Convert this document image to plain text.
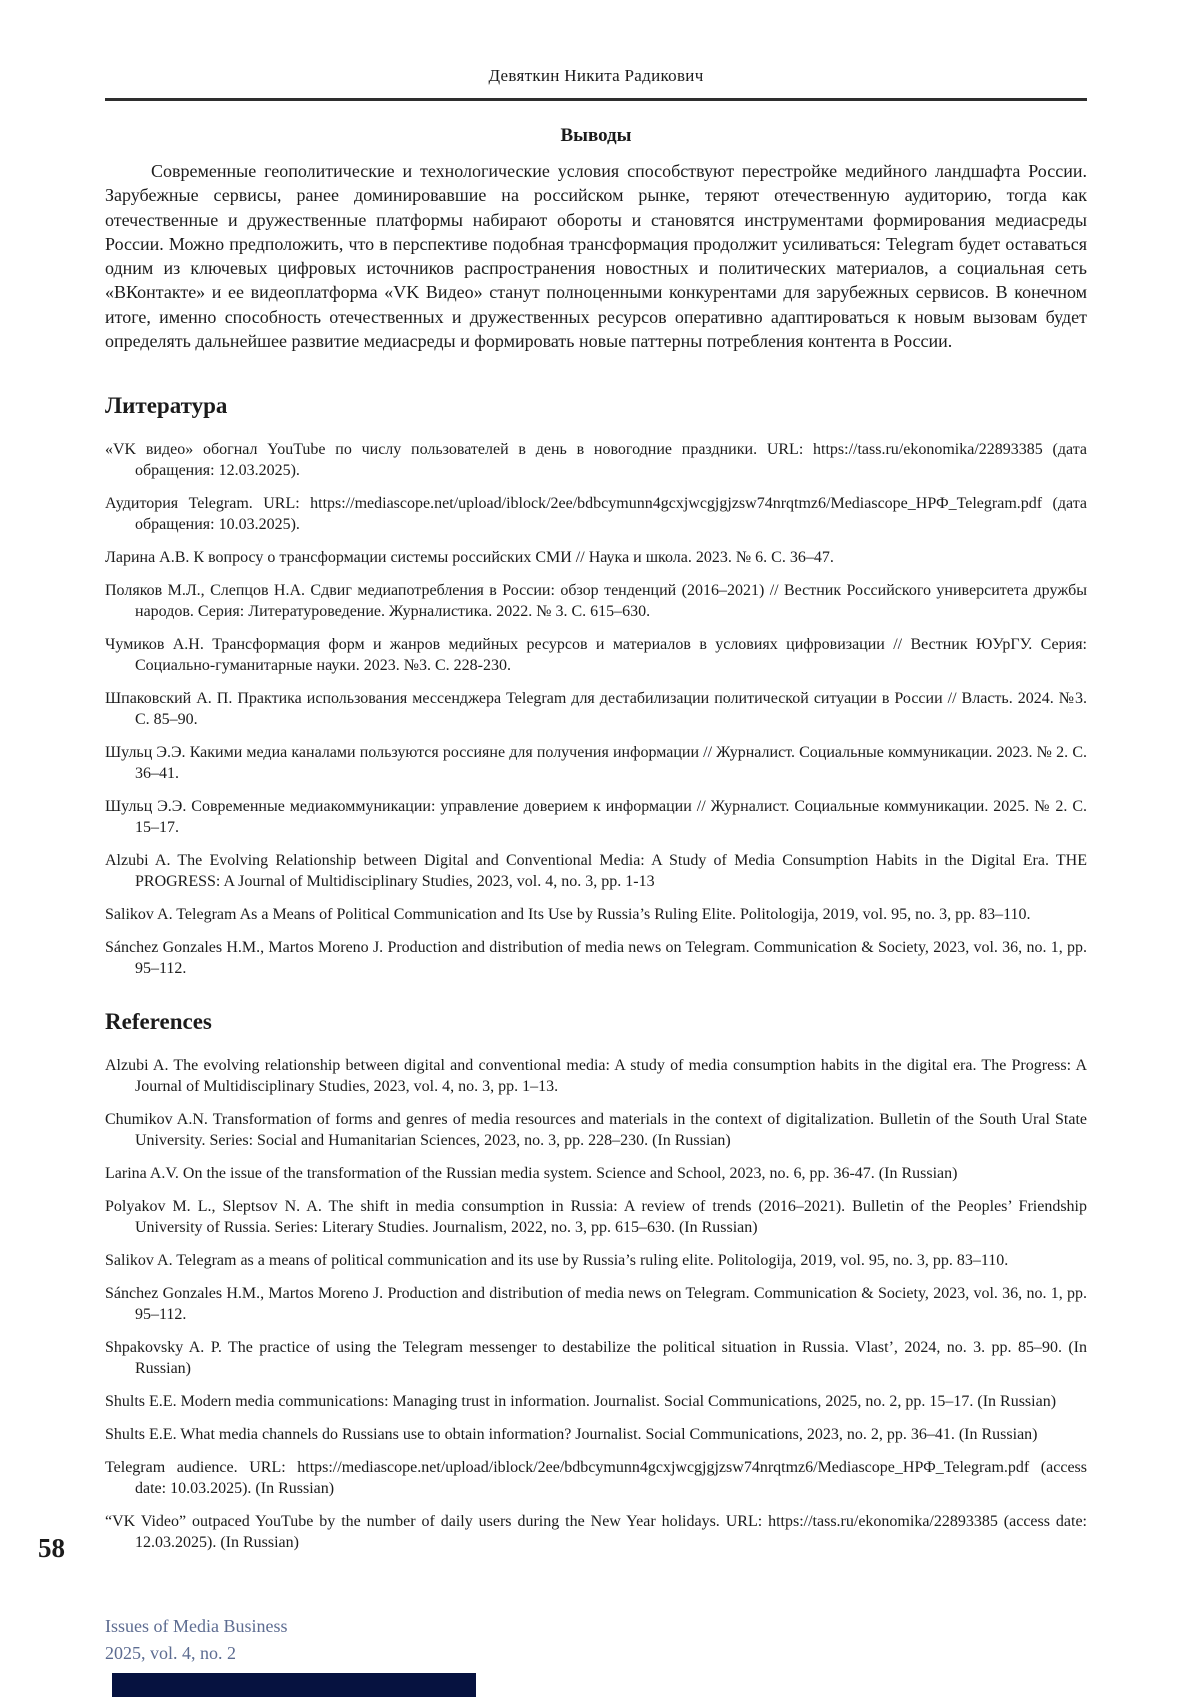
Девяткин Никита Радикович

Выводы

Современные геополитические и технологические условия способствуют перестройке медийного ландшафта России. Зарубежные сервисы, ранее доминировавшие на российском рынке, теряют отечественную аудиторию, тогда как отечественные и дружественные платформы набирают обороты и становятся инструментами формирования медиасреды России. Можно предположить, что в перспективе подобная трансформация продолжит усиливаться: Telegram будет оставаться одним из ключевых цифровых источников распространения новостных и политических материалов, а социальная сеть «ВКонтакте» и ее видеоплатформа «VK Видео» станут полноценными конкурентами для зарубежных сервисов. В конечном итоге, именно способность отечественных и дружественных ресурсов оперативно адаптироваться к новым вызовам будет определять дальнейшее развитие медиасреды и формировать новые паттерны потребления контента в России.

Литература

«VK видео» обогнал YouTube по числу пользователей в день в новогодние праздники. URL: https://tass.ru/ekonomika/22893385 (дата обращения: 12.03.2025).

Аудитория Telegram. URL: https://mediascope.net/upload/iblock/2ee/bdbcymunn4gcxjwcgjgjzsw74nrqtmz6/Mediascope_НРФ_Telegram.pdf (дата обращения: 10.03.2025).

Ларина А.В. К вопросу о трансформации системы российских СМИ // Наука и школа. 2023. № 6. С. 36–47.

Поляков М.Л., Слепцов Н.А. Сдвиг медиапотребления в России: обзор тенденций (2016–2021) // Вестник Российского университета дружбы народов. Серия: Литературоведение. Журналистика. 2022. № 3. С. 615–630.

Чумиков А.Н. Трансформация форм и жанров медийных ресурсов и материалов в условиях цифровизации // Вестник ЮУрГУ. Серия: Социально-гуманитарные науки. 2023. №3. С. 228-230.

Шпаковский А. П. Практика использования мессенджера Telegram для дестабилизации политической ситуации в России // Власть. 2024. №3. С. 85–90.

Шульц Э.Э. Какими медиа каналами пользуются россияне для получения информации // Журналист. Социальные коммуникации. 2023. № 2. С. 36–41.

Шульц Э.Э. Современные медиакоммуникации: управление доверием к информации // Журналист. Социальные коммуникации. 2025. № 2. С. 15–17.

Alzubi A. The Evolving Relationship between Digital and Conventional Media: A Study of Media Consumption Habits in the Digital Era. THE PROGRESS: A Journal of Multidisciplinary Studies, 2023, vol. 4, no. 3, pp. 1-13

Salikov A. Telegram As a Means of Political Communication and Its Use by Russia’s Ruling Elite. Politologija, 2019, vol. 95, no. 3, pp. 83–110.

Sánchez Gonzales H.M., Martos Moreno J. Production and distribution of media news on Telegram. Communication & Society, 2023, vol. 36, no. 1, pp. 95–112.

References

Alzubi A. The evolving relationship between digital and conventional media: A study of media consumption habits in the digital era. The Progress: A Journal of Multidisciplinary Studies, 2023, vol. 4, no. 3, pp. 1–13.

Chumikov A.N. Transformation of forms and genres of media resources and materials in the context of digitalization. Bulletin of the South Ural State University. Series: Social and Humanitarian Sciences, 2023, no. 3, pp. 228–230. (In Russian)

Larina A.V. On the issue of the transformation of the Russian media system. Science and School, 2023, no. 6, pp. 36-47. (In Russian)

Polyakov M. L., Sleptsov N. A. The shift in media consumption in Russia: A review of trends (2016–2021). Bulletin of the Peoples’ Friendship University of Russia. Series: Literary Studies. Journalism, 2022, no. 3, pp. 615–630. (In Russian)

Salikov A. Telegram as a means of political communication and its use by Russia’s ruling elite. Politologija, 2019, vol. 95, no. 3, pp. 83–110.

Sánchez Gonzales H.M., Martos Moreno J. Production and distribution of media news on Telegram. Communication & Society, 2023, vol. 36, no. 1, pp. 95–112.

Shpakovsky A. P. The practice of using the Telegram messenger to destabilize the political situation in Russia. Vlast’, 2024, no. 3. pp. 85–90. (In Russian)

Shults E.E. Modern media communications: Managing trust in information. Journalist. Social Communications, 2025, no. 2, pp. 15–17. (In Russian)

Shults E.E. What media channels do Russians use to obtain information? Journalist. Social Communications, 2023, no. 2, pp. 36–41. (In Russian)

Telegram audience. URL: https://mediascope.net/upload/iblock/2ee/bdbcymunn4gcxjwcgjgjzsw74nrqtmz6/Mediascope_НРФ_Telegram.pdf (access date: 10.03.2025). (In Russian)

“VK Video” outpaced YouTube by the number of daily users during the New Year holidays. URL: https://tass.ru/ekonomika/22893385 (access date: 12.03.2025). (In Russian)

58

Issues of Media Business

2025, vol. 4, no. 2
